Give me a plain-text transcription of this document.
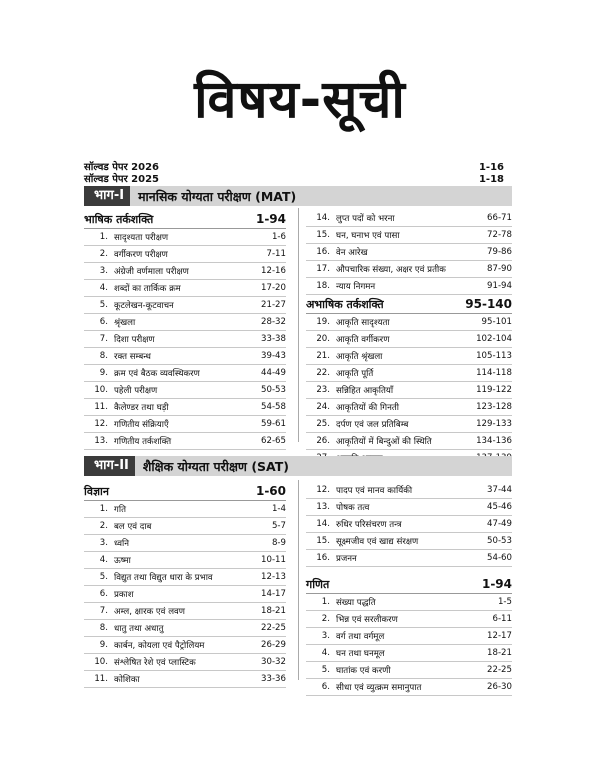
विषय-सूची
सॉल्वड पेपर 2026	1-16
सॉल्वड पेपर 2025	1-18
भाग-I	मानसिक योग्यता परीक्षण (MAT)
भाषिक तर्कशक्ति	1-94
1. सादृश्यता परीक्षण	1-6
2. वर्गीकरण परीक्षण	7-11
3. अंग्रेजी वर्णमाला परीक्षण	12-16
4. शब्दों का तार्किक क्रम	17-20
5. कूटलेखन-कूटवाचन	21-27
6. श्रृंखला	28-32
7. दिशा परीक्षण	33-38
8. रक्त सम्बन्ध	39-43
9. क्रम एवं बैठक व्यवस्थिकरण	44-49
10. पहेली परीक्षण	50-53
11. कैलेण्डर तथा घड़ी	54-58
12. गणितीय संक्रियाएँ	59-61
13. गणितीय तर्कशक्ति	62-65
14. लुप्त पदों को भरना	66-71
15. घन, घनाभ एवं पासा	72-78
16. वेन आरेख	79-86
17. औपचारिक संख्या, अक्षर एवं प्रतीक	87-90
18. न्याय निगमन	91-94
अभाषिक तर्कशक्ति	95-140
19. आकृति सादृश्यता	95-101
20. आकृति वर्गीकरण	102-104
21. आकृति श्रृंखला	105-113
22. आकृति पूर्ति	114-118
23. सन्निहित आकृतियाँ	119-122
24. आकृतियों की गिनती	123-128
25. दर्पण एवं जल प्रतिबिम्ब	129-133
26. आकृतियों में बिन्दुओं की स्थिति	134-136
भाग-II	शैक्षिक योग्यता परीक्षण (SAT)
विज्ञान	1-60
1. गति	1-4
2. बल एवं दाब	5-7
3. ध्वनि	8-9
4. ऊष्मा	10-11
5. विद्युत तथा विद्युत धारा के प्रभाव	12-13
6. प्रकाश	14-17
7. अम्ल, क्षारक एवं लवण	18-21
8. धातु तथा अधातु	22-25
9. कार्बन, कोयला एवं पैट्रोलियम	26-29
10. संश्लेषित रेशे एवं प्लास्टिक	30-32
11. कोशिका	33-36
12. पादप एवं मानव कार्यिकी	37-44
13. पोषक तत्व	45-46
14. रुधिर परिसंचरण तन्त्र	47-49
15. सूक्ष्मजीव एवं खाद्य संरक्षण	50-53
16. प्रजनन	54-60
गणित	1-94
1. संख्या पद्धति	1-5
2. भिन्न एवं सरलीकरण	6-11
3. वर्ग तथा वर्गमूल	12-17
4. घन तथा घनमूल	18-21
5. घातांक एवं करणी	22-25
6. सीधा एवं व्युत्क्रम समानुपात	26-30
